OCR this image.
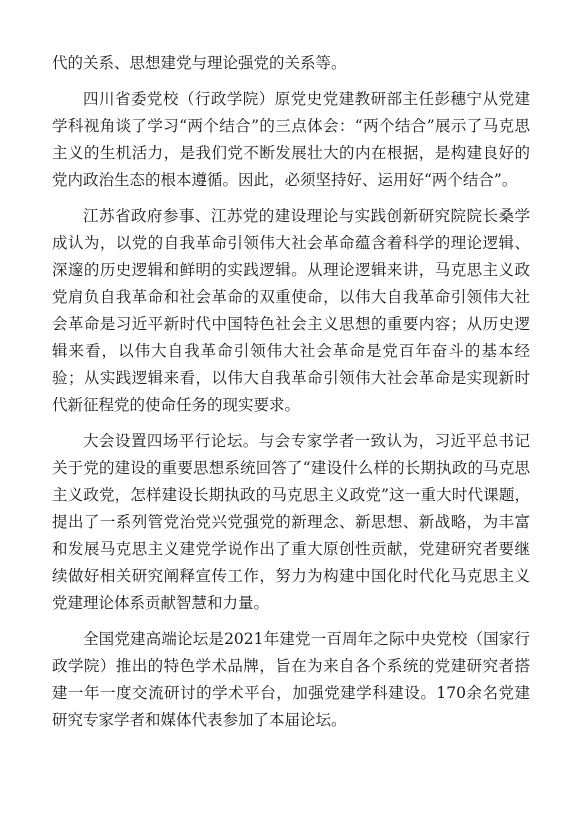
代的关系、思想建党与理论强党的关系等。

四川省委党校（行政学院）原党史党建教研部主任彭穗宁从党建学科视角谈了学习“两个结合”的三点体会：“两个结合”展示了马克思主义的生机活力，是我们党不断发展壮大的内在根据，是构建良好的党内政治生态的根本遵循。因此，必须坚持好、运用好“两个结合”。

江苏省政府参事、江苏党的建设理论与实践创新研究院院长桑学成认为，以党的自我革命引领伟大社会革命蕴含着科学的理论逻辑、深邃的历史逻辑和鲜明的实践逻辑。从理论逻辑来讲，马克思主义政党肩负自我革命和社会革命的双重使命，以伟大自我革命引领伟大社会革命是习近平新时代中国特色社会主义思想的重要内容；从历史逻辑来看，以伟大自我革命引领伟大社会革命是党百年奋斗的基本经验；从实践逻辑来看，以伟大自我革命引领伟大社会革命是实现新时代新征程党的使命任务的现实要求。

大会设置四场平行论坛。与会专家学者一致认为，习近平总书记关于党的建设的重要思想系统回答了“建设什么样的长期执政的马克思主义政党，怎样建设长期执政的马克思主义政党”这一重大时代课题，提出了一系列管党治党兴党强党的新理念、新思想、新战略，为丰富和发展马克思主义建党学说作出了重大原创性贡献，党建研究者要继续做好相关研究阐释宣传工作，努力为构建中国化时代化马克思主义党建理论体系贡献智慧和力量。

全国党建高端论坛是2021年建党一百周年之际中央党校（国家行政学院）推出的特色学术品牌，旨在为来自各个系统的党建研究者搭建一年一度交流研讨的学术平台，加强党建学科建设。170余名党建研究专家学者和媒体代表参加了本届论坛。
